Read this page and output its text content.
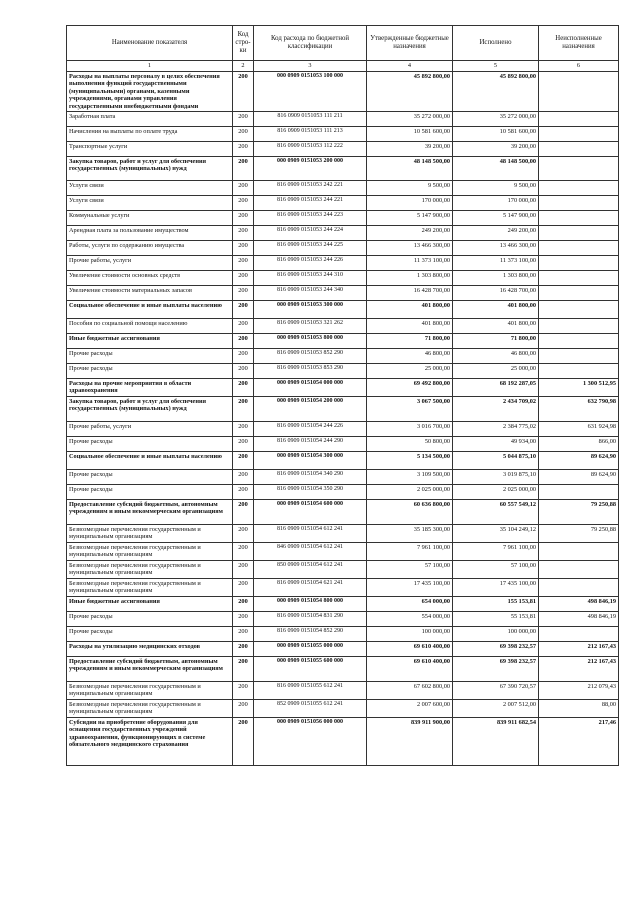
Наименование показателя	Код стро-ки	Код расхода по бюджетной классификации	Утвержденные бюджетные назначения	Исполнено	Неисполненные назначения
1	2	3	4	5	6
Расходы на выплаты персоналу в целях обеспечения выполнения функций государственными (муниципальными) органами, казенными учреждениями, органами управления государственными внебюджетными фондами	200	000 0909 0151053 100 000	45 892 800,00	45 892 800,00	
Заработная плата	200	816 0909 0151053 111 211	35 272 000,00	35 272 000,00	
Начисления на выплаты по оплате труда	200	816 0909 0151053 111 213	10 581 600,00	10 581 600,00	
Транспортные услуги	200	816 0909 0151053 112 222	39 200,00	39 200,00	
Закупка товаров, работ и услуг для обеспечения государственных (муниципальных) нужд	200	000 0909 0151053 200 000	48 148 500,00	48 148 500,00	
Услуги связи	200	816 0909 0151053 242 221	9 500,00	9 500,00	
Услуги связи	200	816 0909 0151053 244 221	170 000,00	170 000,00	
Коммунальные услуги	200	816 0909 0151053 244 223	5 147 900,00	5 147 900,00	
Арендная плата за пользование имуществом	200	816 0909 0151053 244 224	249 200,00	249 200,00	
Работы, услуги по содержанию имущества	200	816 0909 0151053 244 225	13 466 300,00	13 466 300,00	
Прочие работы, услуги	200	816 0909 0151053 244 226	11 373 100,00	11 373 100,00	
Увеличение стоимости основных средств	200	816 0909 0151053 244 310	1 303 800,00	1 303 800,00	
Увеличение стоимости материальных запасов	200	816 0909 0151053 244 340	16 428 700,00	16 428 700,00	
Социальное обеспечение и иные выплаты населению	200	000 0909 0151053 300 000	401 800,00	401 800,00	
Пособия по социальной помощи населению	200	816 0909 0151053 321 262	401 800,00	401 800,00	
Иные бюджетные ассигнования	200	000 0909 0151053 800 000	71 800,00	71 800,00	
Прочие расходы	200	816 0909 0151053 852 290	46 800,00	46 800,00	
Прочие расходы	200	816 0909 0151053 853 290	25 000,00	25 000,00	
Расходы на прочие мероприятия в области здравоохранения	200	000 0909 0151054 000 000	69 492 800,00	68 192 287,05	1 300 512,95
Закупка товаров, работ и услуг для обеспечения государственных (муниципальных) нужд	200	000 0909 0151054 200 000	3 067 500,00	2 434 709,02	632 790,98
Прочие работы, услуги	200	816 0909 0151054 244 226	3 016 700,00	2 384 775,02	631 924,98
Прочие расходы	200	816 0909 0151054 244 290	50 800,00	49 934,00	866,00
Социальное обеспечение и иные выплаты населению	200	000 0909 0151054 300 000	5 134 500,00	5 044 875,10	89 624,90
Прочие расходы	200	816 0909 0151054 340 290	3 109 500,00	3 019 875,10	89 624,90
Прочие расходы	200	816 0909 0151054 350 290	2 025 000,00	2 025 000,00	
Предоставление субсидий бюджетным, автономным учреждениям и иным некоммерческим организациям	200	000 0909 0151054 600 000	60 636 800,00	60 557 549,12	79 250,88
Безвозмездные перечисления государственным и муниципальным организациям	200	816 0909 0151054 612 241	35 185 300,00	35 104 249,12	79 250,88
Безвозмездные перечисления государственным и муниципальным организациям	200	846 0909 0151054 612 241	7 961 100,00	7 961 100,00	
Безвозмездные перечисления государственным и муниципальным организациям	200	850 0909 0151054 612 241	57 100,00	57 100,00	
Безвозмездные перечисления государственным и муниципальным организациям	200	816 0909 0151054 621 241	17 435 100,00	17 435 100,00	
Иные бюджетные ассигнования	200	000 0909 0151054 800 000	654 000,00	155 153,81	498 846,19
Прочие расходы	200	816 0909 0151054 831 290	554 000,00	55 153,81	498 846,19
Прочие расходы	200	816 0909 0151054 852 290	100 000,00	100 000,00	
Расходы на утилизацию медицинских отходов	200	000 0909 0151055 000 000	69 610 400,00	69 398 232,57	212 167,43
Предоставление субсидий бюджетным, автономным учреждениям и иным некоммерческим организациям	200	000 0909 0151055 600 000	69 610 400,00	69 398 232,57	212 167,43
Безвозмездные перечисления государственным и муниципальным организациям	200	816 0909 0151055 612 241	67 602 800,00	67 390 720,57	212 079,43
Безвозмездные перечисления государственным и муниципальным организациям	200	852 0909 0151055 612 241	2 007 600,00	2 007 512,00	88,00
Субсидии на приобретение оборудования для оснащения государственных учреждений здравоохранения, функционирующих в системе обязательного медицинского страхования	200	000 0909 0151056 000 000	839 911 900,00	839 911 682,54	217,46
